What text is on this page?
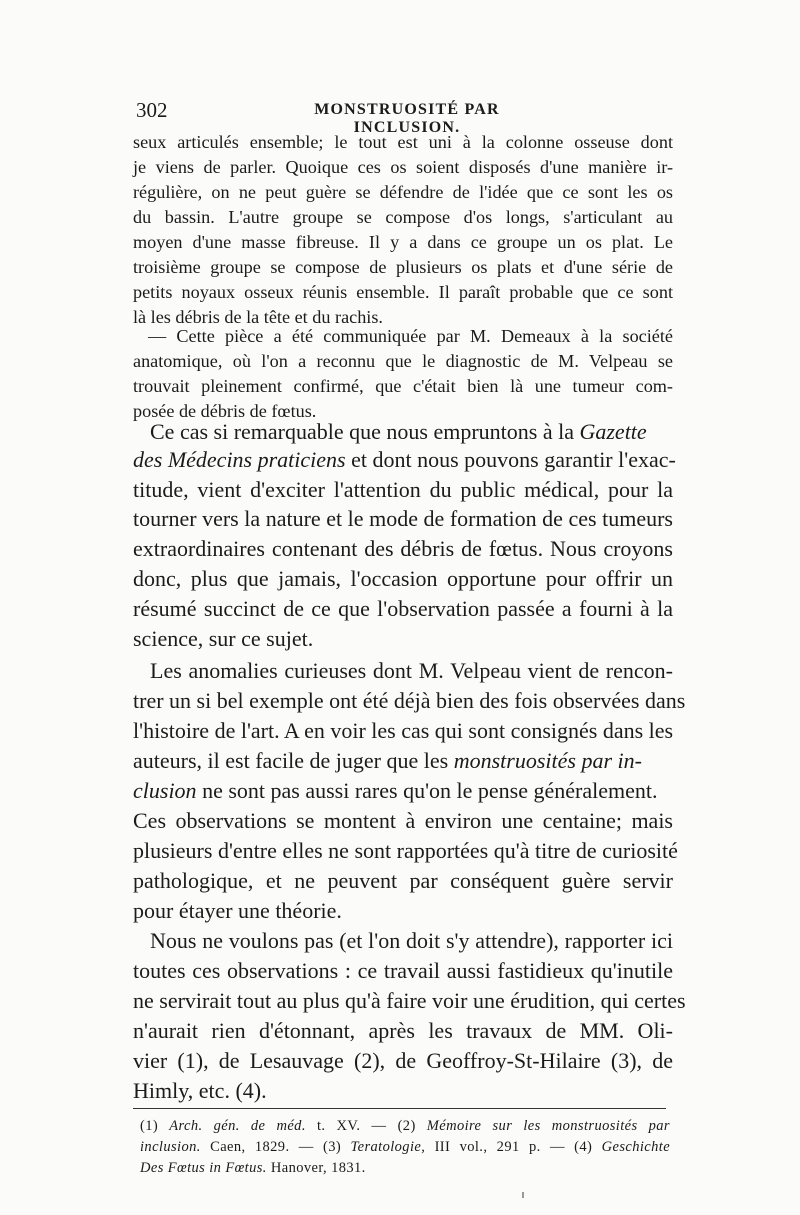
302	MONSTRUOSITÉ PAR INCLUSION.
seux articulés ensemble; le tout est uni à la colonne osseuse dont
je viens de parler. Quoique ces os soient disposés d'une manière ir-
régulière, on ne peut guère se défendre de l'idée que ce sont les os
du bassin. L'autre groupe se compose d'os longs, s'articulant au
moyen d'une masse fibreuse. Il y a dans ce groupe un os plat. Le
troisième groupe se compose de plusieurs os plats et d'une série de
petits noyaux osseux réunis ensemble. Il paraît probable que ce sont
là les débris de la tête et du rachis.
— Cette pièce a été communiquée par M. Demeaux à la société
anatomique, où l'on a reconnu que le diagnostic de M. Velpeau se
trouvait pleinement confirmé, que c'était bien là une tumeur com-
posée de débris de fœtus.
Ce cas si remarquable que nous empruntons à la Gazette
des Médecins praticiens et dont nous pouvons garantir l'exac-
titude, vient d'exciter l'attention du public médical, pour la
tourner vers la nature et le mode de formation de ces tumeurs
extraordinaires contenant des débris de fœtus. Nous croyons
donc, plus que jamais, l'occasion opportune pour offrir un
résumé succinct de ce que l'observation passée a fourni à la
science, sur ce sujet.
Les anomalies curieuses dont M. Velpeau vient de rencon-
trer un si bel exemple ont été déjà bien des fois observées dans
l'histoire de l'art. A en voir les cas qui sont consignés dans les
auteurs, il est facile de juger que les monstruosités par in-
clusion ne sont pas aussi rares qu'on le pense généralement.
Ces observations se montent à environ une centaine; mais
plusieurs d'entre elles ne sont rapportées qu'à titre de curiosité
pathologique, et ne peuvent par conséquent guère servir
pour étayer une théorie.
Nous ne voulons pas (et l'on doit s'y attendre), rapporter ici
toutes ces observations : ce travail aussi fastidieux qu'inutile
ne servirait tout au plus qu'à faire voir une érudition, qui certes
n'aurait rien d'étonnant, après les travaux de MM. Oli-
vier (1), de Lesauvage (2), de Geoffroy-St-Hilaire (3), de
Himly, etc. (4).
(1) Arch. gén. de méd. t. XV. — (2) Mémoire sur les monstruosités par
inclusion. Caen, 1829. — (3) Teratologie, III vol., 291 p. — (4) Geschichte
Des Fœtus in Fœtus. Hanover, 1831.
